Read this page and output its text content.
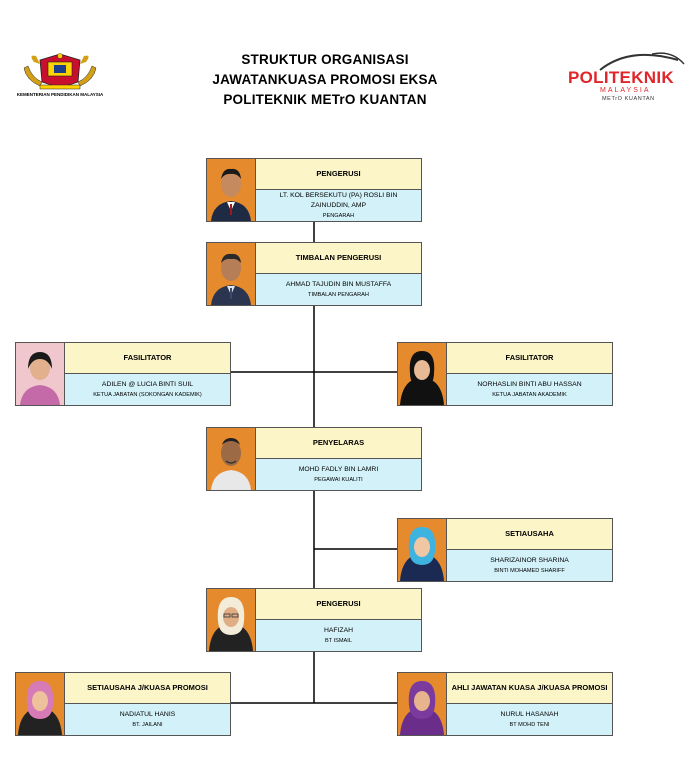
KEMENTERIAN PENDIDIKAN MALAYSIA
STRUKTUR ORGANISASI
JAWATANKUASA PROMOSI EKSA
POLITEKNIK METrO KUANTAN
POLITEKNIK
MALAYSIA
METrO KUANTAN
PENGERUSI
LT. KOL BERSEKUTU (PA) ROSLI BIN ZAINUDDIN, AMP
PENGARAH
TIMBALAN PENGERUSI
AHMAD TAJUDIN BIN MUSTAFFA
TIMBALAN PENGARAH
FASILITATOR
ADILEN @ LUCIA BINTI SUIL
KETUA JABATAN (SOKONGAN KADEMIK)
FASILITATOR
NORHASLIN BINTI ABU HASSAN
KETUA JABATAN AKADEMIK
PENYELARAS
MOHD FADLY BIN LAMRI
PEGAWAI KUALITI
SETIAUSAHA
SHARIZAINOR SHARINA
BINTI MOHAMED SHARIFF
PENGERUSI
HAFIZAH
BT ISMAIL
SETIAUSAHA J/KUASA PROMOSI
NADIATUL HANIS
BT. JAILANI
AHLI JAWATAN KUASA J/KUASA PROMOSI
NURUL HASANAH
BT MOHD TENI
